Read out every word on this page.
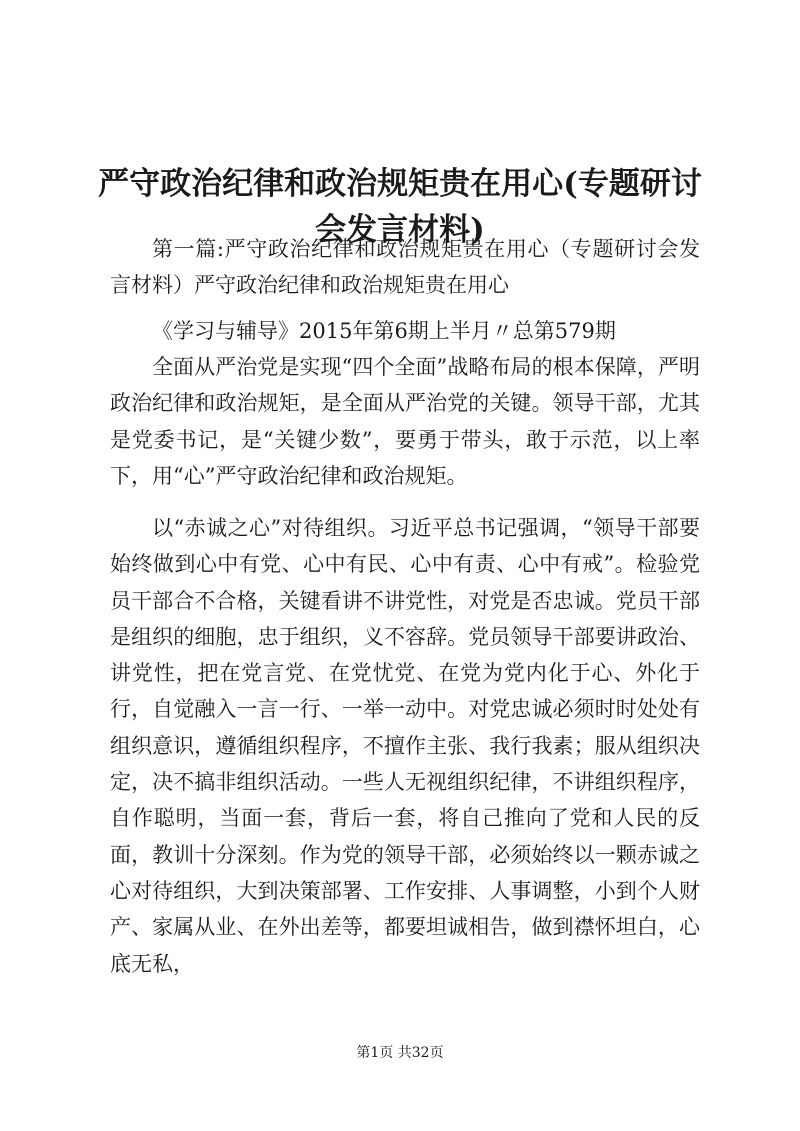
严守政治纪律和政治规矩贵在用心(专题研讨
会发言材料)

第一篇:严守政治纪律和政治规矩贵在用心（专题研讨会发言材料）严守政治纪律和政治规矩贵在用心

《学习与辅导》2015年第6期上半月〃总第579期

全面从严治党是实现“四个全面”战略布局的根本保障，严明政治纪律和政治规矩，是全面从严治党的关键。领导干部，尤其是党委书记，是“关键少数”，要勇于带头，敢于示范，以上率下，用“心”严守政治纪律和政治规矩。

以“赤诚之心”对待组织。习近平总书记强调，“领导干部要始终做到心中有党、心中有民、心中有责、心中有戒”。检验党员干部合不合格，关键看讲不讲党性，对党是否忠诚。党员干部是组织的细胞，忠于组织，义不容辞。党员领导干部要讲政治、讲党性，把在党言党、在党忧党、在党为党内化于心、外化于行，自觉融入一言一行、一举一动中。对党忠诚必须时时处处有组织意识，遵循组织程序，不擅作主张、我行我素；服从组织决定，决不搞非组织活动。一些人无视组织纪律，不讲组织程序，自作聪明，当面一套，背后一套，将自己推向了党和人民的反面，教训十分深刻。作为党的领导干部，必须始终以一颗赤诚之心对待组织，大到决策部署、工作安排、人事调整，小到个人财产、家属从业、在外出差等，都要坦诚相告，做到襟怀坦白，心底无私，

第1页 共32页
